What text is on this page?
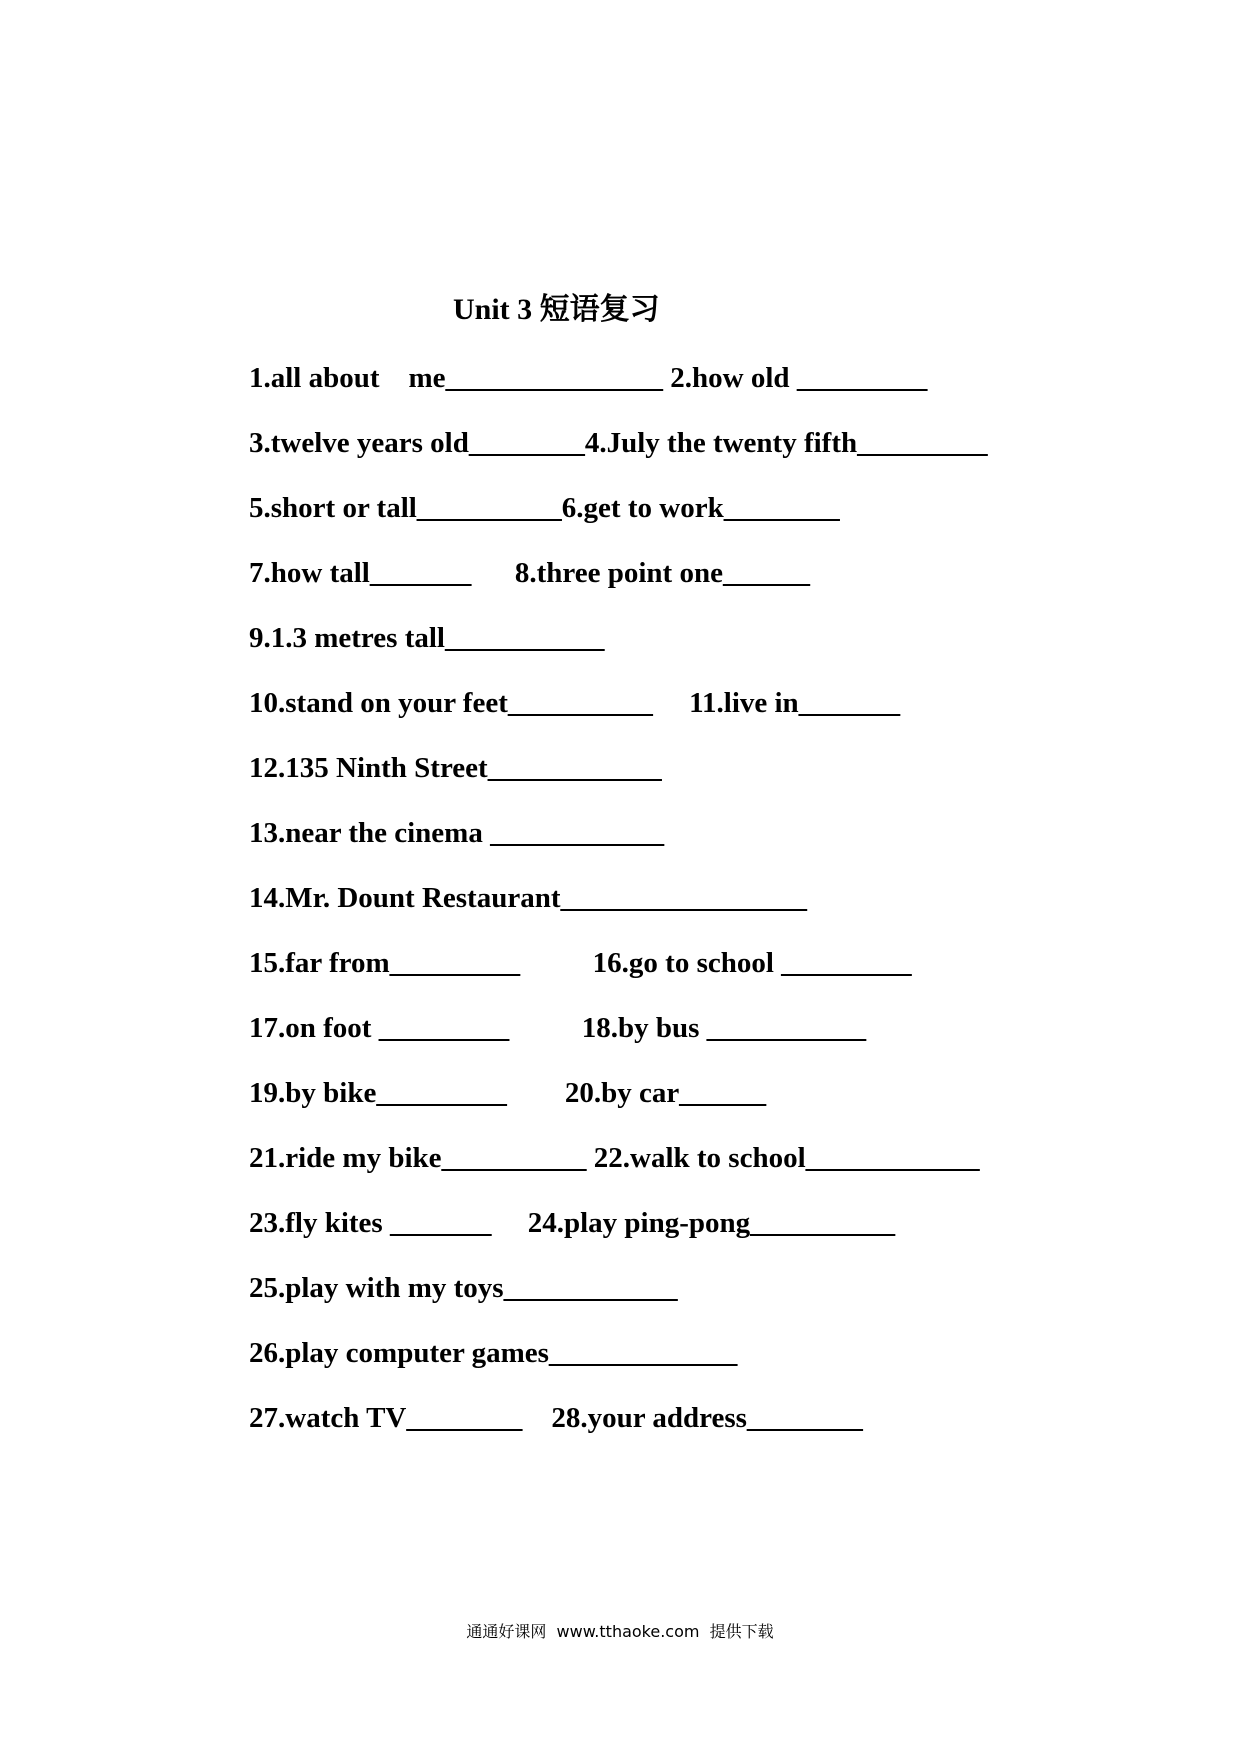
Unit 3 短语复习
1.all about    me_______________ 2.how old _________
3.twelve years old________4.July the twenty fifth_________
5.short or tall__________6.get to work________
7.how tall_______      8.three point one______
9.1.3 metres tall___________
10.stand on your feet__________     11.live in_______
12.135 Ninth Street____________
13.near the cinema ____________
14.Mr. Dount Restaurant_________________
15.far from_________          16.go to school _________
17.on foot _________          18.by bus ___________
19.by bike_________        20.by car______
21.ride my bike__________ 22.walk to school____________
23.fly kites _______     24.play ping-pong__________
25.play with my toys____________
26.play computer games_____________
27.watch TV________    28.your address________
通通好课网  www.tthaoke.com  提供下载
